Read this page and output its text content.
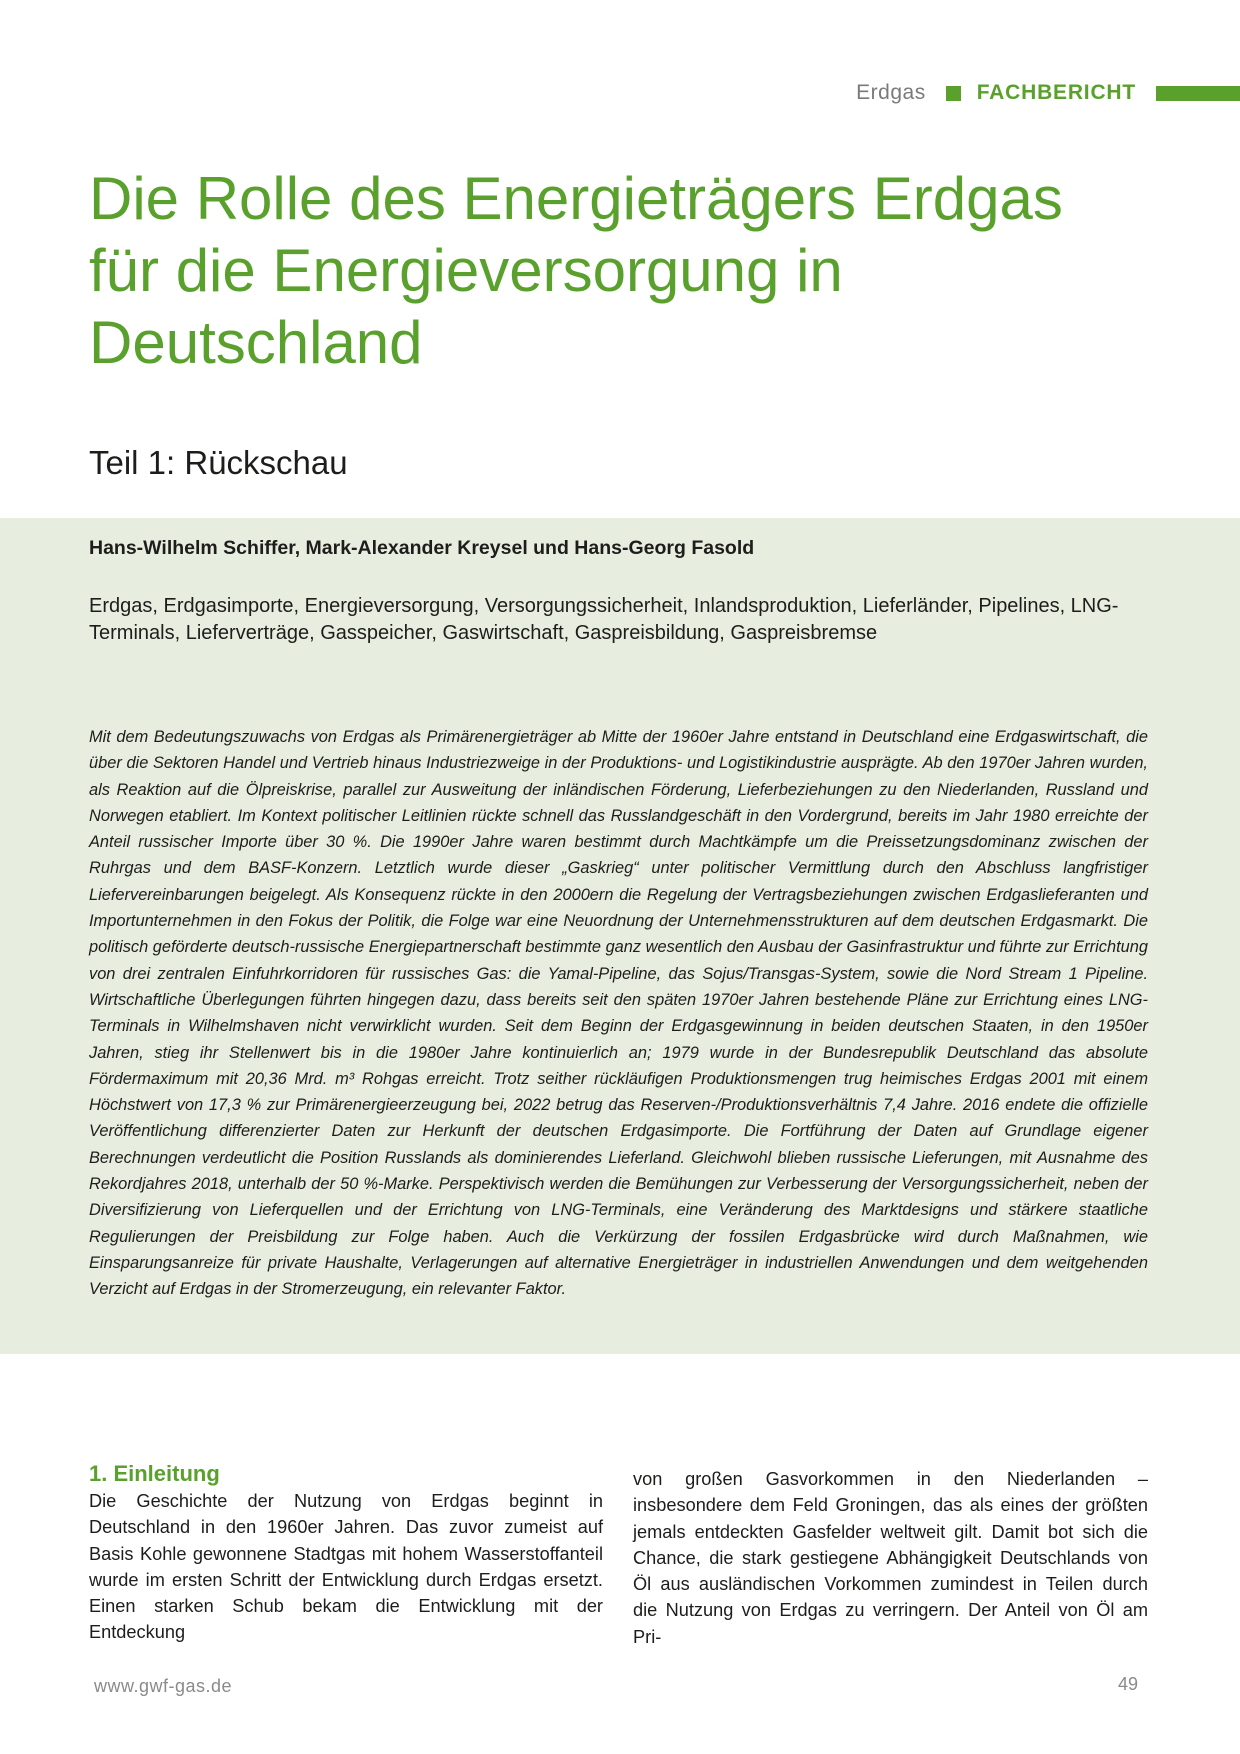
Erdgas FACHBERICHT
Die Rolle des Energieträgers Erdgas für die Energieversorgung in Deutschland
Teil 1: Rückschau

Hans-Wilhelm Schiffer, Mark-Alexander Kreysel und Hans-Georg Fasold

Erdgas, Erdgasimporte, Energieversorgung, Versorgungssicherheit, Inlandsproduktion, Lieferländer, Pipelines, LNG-Terminals, Lieferverträge, Gasspeicher, Gaswirtschaft, Gaspreisbildung, Gaspreisbremse

Mit dem Bedeutungszuwachs von Erdgas als Primärenergieträger ab Mitte der 1960er Jahre entstand in Deutschland eine Erdgaswirtschaft, die über die Sektoren Handel und Vertrieb hinaus Industriezweige in der Produktions- und Logistikindustrie ausprägte. Ab den 1970er Jahren wurden, als Reaktion auf die Ölpreiskrise, parallel zur Ausweitung der inländischen Förderung, Lieferbeziehungen zu den Niederlanden, Russland und Norwegen etabliert. Im Kontext politischer Leitlinien rückte schnell das Russlandgeschäft in den Vordergrund, bereits im Jahr 1980 erreichte der Anteil russischer Importe über 30 %. Die 1990er Jahre waren bestimmt durch Machtkämpfe um die Preissetzungsdominanz zwischen der Ruhrgas und dem BASF-Konzern. Letztlich wurde dieser „Gaskrieg“ unter politischer Vermittlung durch den Abschluss langfristiger Liefervereinbarungen beigelegt. Als Konsequenz rückte in den 2000ern die Regelung der Vertragsbeziehungen zwischen Erdgaslieferanten und Importunternehmen in den Fokus der Politik, die Folge war eine Neuordnung der Unternehmensstrukturen auf dem deutschen Erdgasmarkt. Die politisch geförderte deutsch-russische Energiepartnerschaft bestimmte ganz wesentlich den Ausbau der Gasinfrastruktur und führte zur Errichtung von drei zentralen Einfuhrkorridoren für russisches Gas: die Yamal-Pipeline, das Sojus/Transgas-System, sowie die Nord Stream 1 Pipeline. Wirtschaftliche Überlegungen führten hingegen dazu, dass bereits seit den späten 1970er Jahren bestehende Pläne zur Errichtung eines LNG-Terminals in Wilhelmshaven nicht verwirklicht wurden. Seit dem Beginn der Erdgasgewinnung in beiden deutschen Staaten, in den 1950er Jahren, stieg ihr Stellenwert bis in die 1980er Jahre kontinuierlich an; 1979 wurde in der Bundesrepublik Deutschland das absolute Fördermaximum mit 20,36 Mrd. m³ Rohgas erreicht. Trotz seither rückläufigen Produktionsmengen trug heimisches Erdgas 2001 mit einem Höchstwert von 17,3 % zur Primärenergieerzeugung bei, 2022 betrug das Reserven-/Produktionsverhältnis 7,4 Jahre. 2016 endete die offizielle Veröffentlichung differenzierter Daten zur Herkunft der deutschen Erdgasimporte. Die Fortführung der Daten auf Grundlage eigener Berechnungen verdeutlicht die Position Russlands als dominierendes Lieferland. Gleichwohl blieben russische Lieferungen, mit Ausnahme des Rekordjahres 2018, unterhalb der 50 %-Marke. Perspektivisch werden die Bemühungen zur Verbesserung der Versorgungssicherheit, neben der Diversifizierung von Lieferquellen und der Errichtung von LNG-Terminals, eine Veränderung des Marktdesigns und stärkere staatliche Regulierungen der Preisbildung zur Folge haben. Auch die Verkürzung der fossilen Erdgasbrücke wird durch Maßnahmen, wie Einsparungsanreize für private Haushalte, Verlagerungen auf alternative Energieträger in industriellen Anwendungen und dem weitgehenden Verzicht auf Erdgas in der Stromerzeugung, ein relevanter Faktor.

1. Einleitung

Die Geschichte der Nutzung von Erdgas beginnt in Deutschland in den 1960er Jahren. Das zuvor zumeist auf Basis Kohle gewonnene Stadtgas mit hohem Wasserstoffanteil wurde im ersten Schritt der Entwicklung durch Erdgas ersetzt. Einen starken Schub bekam die Entwicklung mit der Entdeckung

von großen Gasvorkommen in den Niederlanden – insbesondere dem Feld Groningen, das als eines der größten jemals entdeckten Gasfelder weltweit gilt. Damit bot sich die Chance, die stark gestiegene Abhängigkeit Deutschlands von Öl aus ausländischen Vorkommen zumindest in Teilen durch die Nutzung von Erdgas zu verringern. Der Anteil von Öl am Pri-

www.gwf-gas.de	49
